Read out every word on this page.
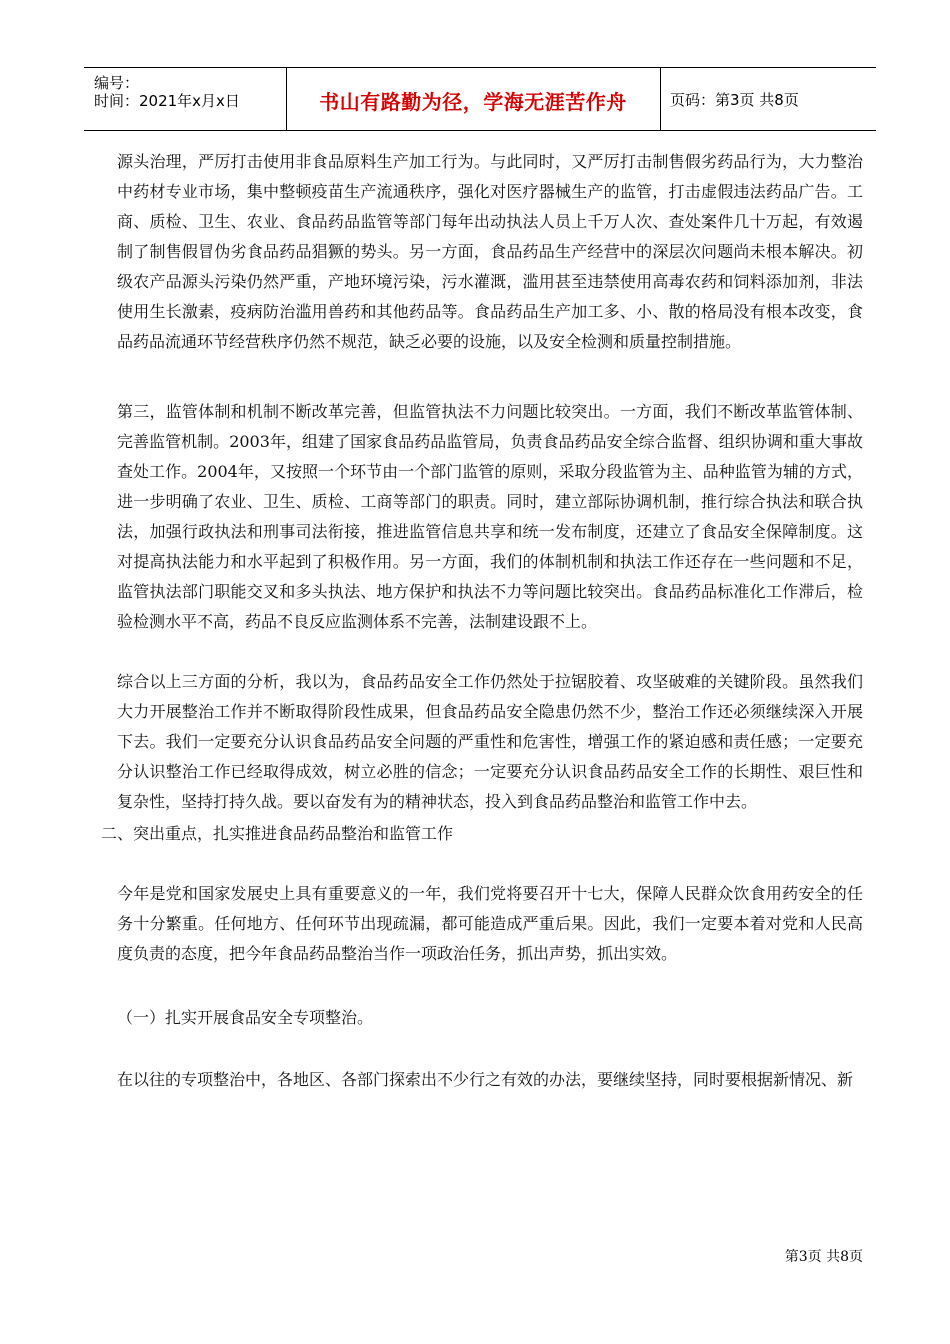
编号：
时间：2021年x月x日	书山有路勤为径，学海无涯苦作舟	页码：第3页 共8页

源头治理，严厉打击使用非食品原料生产加工行为。与此同时，又严厉打击制售假劣药品行为，大力整治中药材专业市场，集中整顿疫苗生产流通秩序，强化对医疗器械生产的监管，打击虚假违法药品广告。工商、质检、卫生、农业、食品药品监管等部门每年出动执法人员上千万人次、查处案件几十万起，有效遏制了制售假冒伪劣食品药品猖獗的势头。另一方面，食品药品生产经营中的深层次问题尚未根本解决。初级农产品源头污染仍然严重，产地环境污染，污水灌溉，滥用甚至违禁使用高毒农药和饲料添加剂，非法使用生长激素，疫病防治滥用兽药和其他药品等。食品药品生产加工多、小、散的格局没有根本改变，食品药品流通环节经营秩序仍然不规范，缺乏必要的设施，以及安全检测和质量控制措施。

第三，监管体制和机制不断改革完善，但监管执法不力问题比较突出。一方面，我们不断改革监管体制、完善监管机制。2003年，组建了国家食品药品监管局，负责食品药品安全综合监督、组织协调和重大事故查处工作。2004年，又按照一个环节由一个部门监管的原则，采取分段监管为主、品种监管为辅的方式，进一步明确了农业、卫生、质检、工商等部门的职责。同时，建立部际协调机制，推行综合执法和联合执法，加强行政执法和刑事司法衔接，推进监管信息共享和统一发布制度，还建立了食品安全保障制度。这对提高执法能力和水平起到了积极作用。另一方面，我们的体制机制和执法工作还存在一些问题和不足，监管执法部门职能交叉和多头执法、地方保护和执法不力等问题比较突出。食品药品标准化工作滞后，检验检测水平不高，药品不良反应监测体系不完善，法制建设跟不上。

综合以上三方面的分析，我以为，食品药品安全工作仍然处于拉锯胶着、攻坚破难的关键阶段。虽然我们大力开展整治工作并不断取得阶段性成果，但食品药品安全隐患仍然不少，整治工作还必须继续深入开展下去。我们一定要充分认识食品药品安全问题的严重性和危害性，增强工作的紧迫感和责任感；一定要充分认识整治工作已经取得成效，树立必胜的信念；一定要充分认识食品药品安全工作的长期性、艰巨性和复杂性，坚持打持久战。要以奋发有为的精神状态，投入到食品药品整治和监管工作中去。

二、突出重点，扎实推进食品药品整治和监管工作

今年是党和国家发展史上具有重要意义的一年，我们党将要召开十七大，保障人民群众饮食用药安全的任务十分繁重。任何地方、任何环节出现疏漏，都可能造成严重后果。因此，我们一定要本着对党和人民高度负责的态度，把今年食品药品整治当作一项政治任务，抓出声势，抓出实效。

（一）扎实开展食品安全专项整治。

在以往的专项整治中，各地区、各部门探索出不少行之有效的办法，要继续坚持，同时要根据新情况、新

第3页 共8页
